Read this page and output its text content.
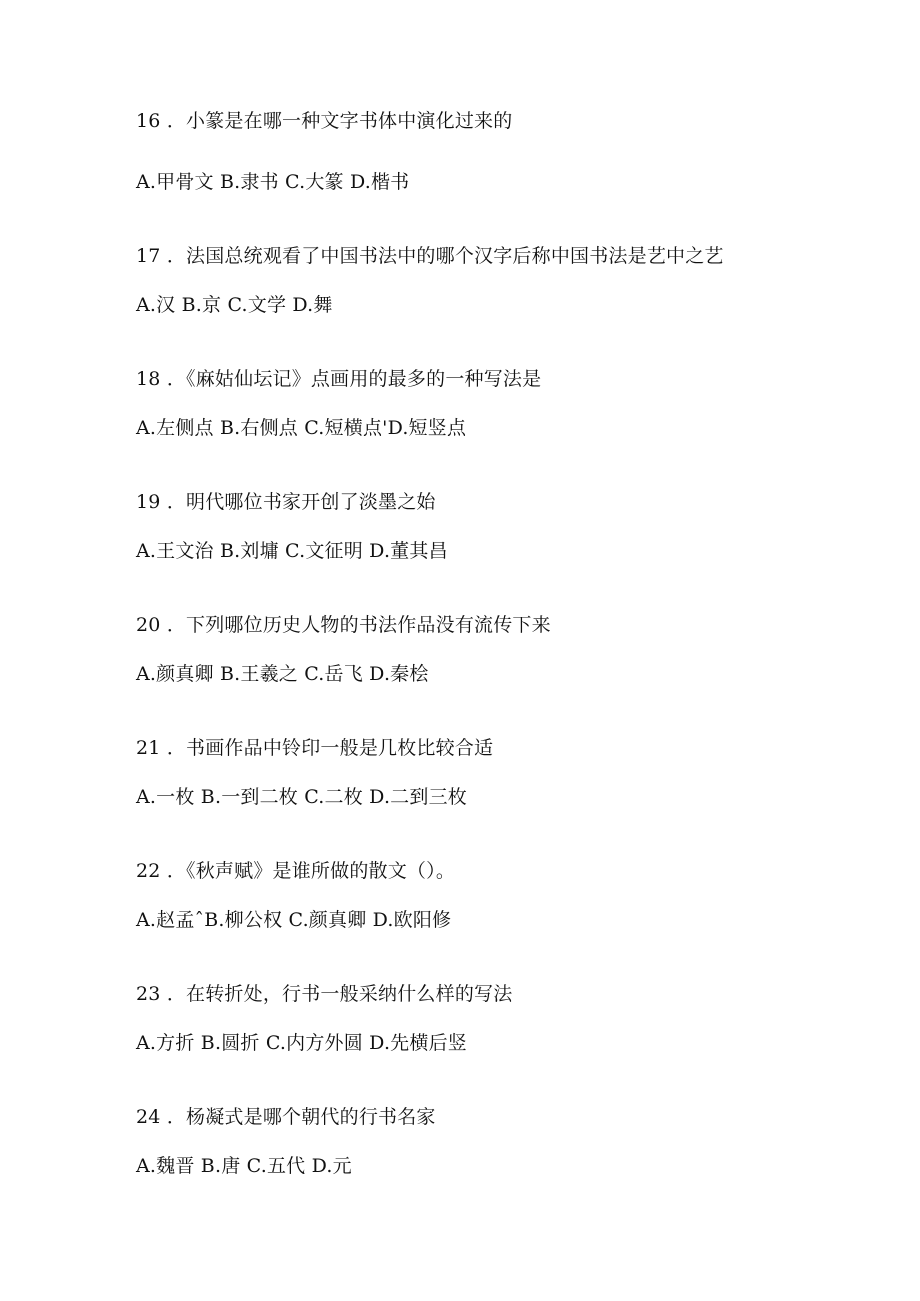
16 ．小篆是在哪一种文字书体中演化过来的
A.甲骨文 B.隶书 C.大篆 D.楷书
17 ．法国总统观看了中国书法中的哪个汉字后称中国书法是艺中之艺
A.汉 B.京 C.文学 D.舞
18 ．《麻姑仙坛记》点画用的最多的一种写法是
A.左侧点 B.右侧点 C.短横点'D.短竖点
19 ．明代哪位书家开创了淡墨之始
A.王文治 B.刘墉 C.文征明 D.董其昌
20 ．下列哪位历史人物的书法作品没有流传下来
A.颜真卿 B.王羲之 C.岳飞 D.秦桧
21 ．书画作品中铃印一般是几枚比较合适
A.一枚 B.一到二枚 C.二枚 D.二到三枚
22 ．《秋声赋》是谁所做的散文（）。
A.赵孟ˆB.柳公权 C.颜真卿 D.欧阳修
23 ．在转折处，行书一般采纳什么样的写法
A.方折 B.圆折 C.内方外圆 D.先横后竖
24 ．杨凝式是哪个朝代的行书名家
A.魏晋 B.唐 C.五代 D.元
